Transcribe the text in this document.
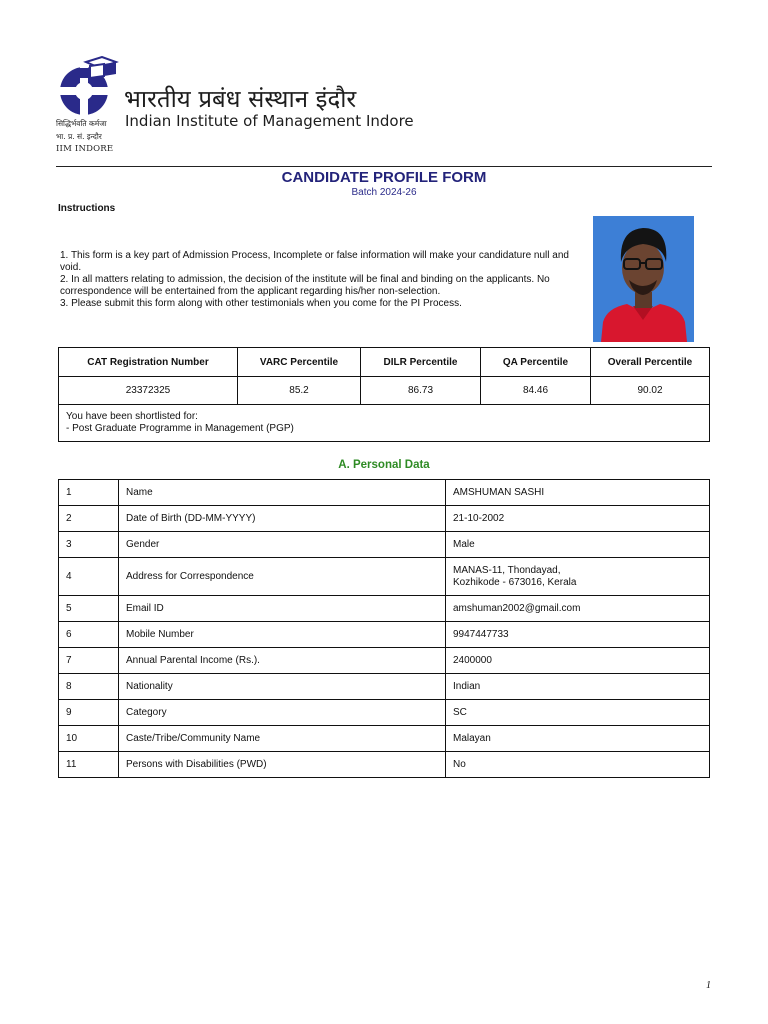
सिद्धिर्भवति कर्मजा
भा. प्र. सं. इन्दौर
IIM INDORE
भारतीय प्रबंध संस्थान इंदौर
Indian Institute of Management Indore
CANDIDATE PROFILE FORM
Batch 2024-26
Instructions
1. This form is a key part of Admission Process, Incomplete or false information will make your candidature null and void.
2. In all matters relating to admission, the decision of the institute will be final and binding on the applicants. No correspondence will be entertained from the applicant regarding his/her non-selection.
3. Please submit this form along with other testimonials when you come for the PI Process.
CAT Registration Number	VARC Percentile	DILR Percentile	QA Percentile	Overall Percentile
23372325	85.2	86.73	84.46	90.02

You have been shortlisted for:
- Post Graduate Programme in Management (PGP)				
A. Personal Data
1	Name	AMSHUMAN SASHI
2	Date of Birth (DD-MM-YYYY)	21-10-2002
3	Gender	Male
4	Address for Correspondence	MANAS-11, Thondayad,
Kozhikode - 673016, Kerala

5	Email ID	amshuman2002@gmail.com
6	Mobile Number	9947447733
7	Annual Parental Income (Rs.).	2400000
8	Nationality	Indian
9	Category	SC
10	Caste/Tribe/Community Name	Malayan
11	Persons with Disabilities (PWD)	No
1
